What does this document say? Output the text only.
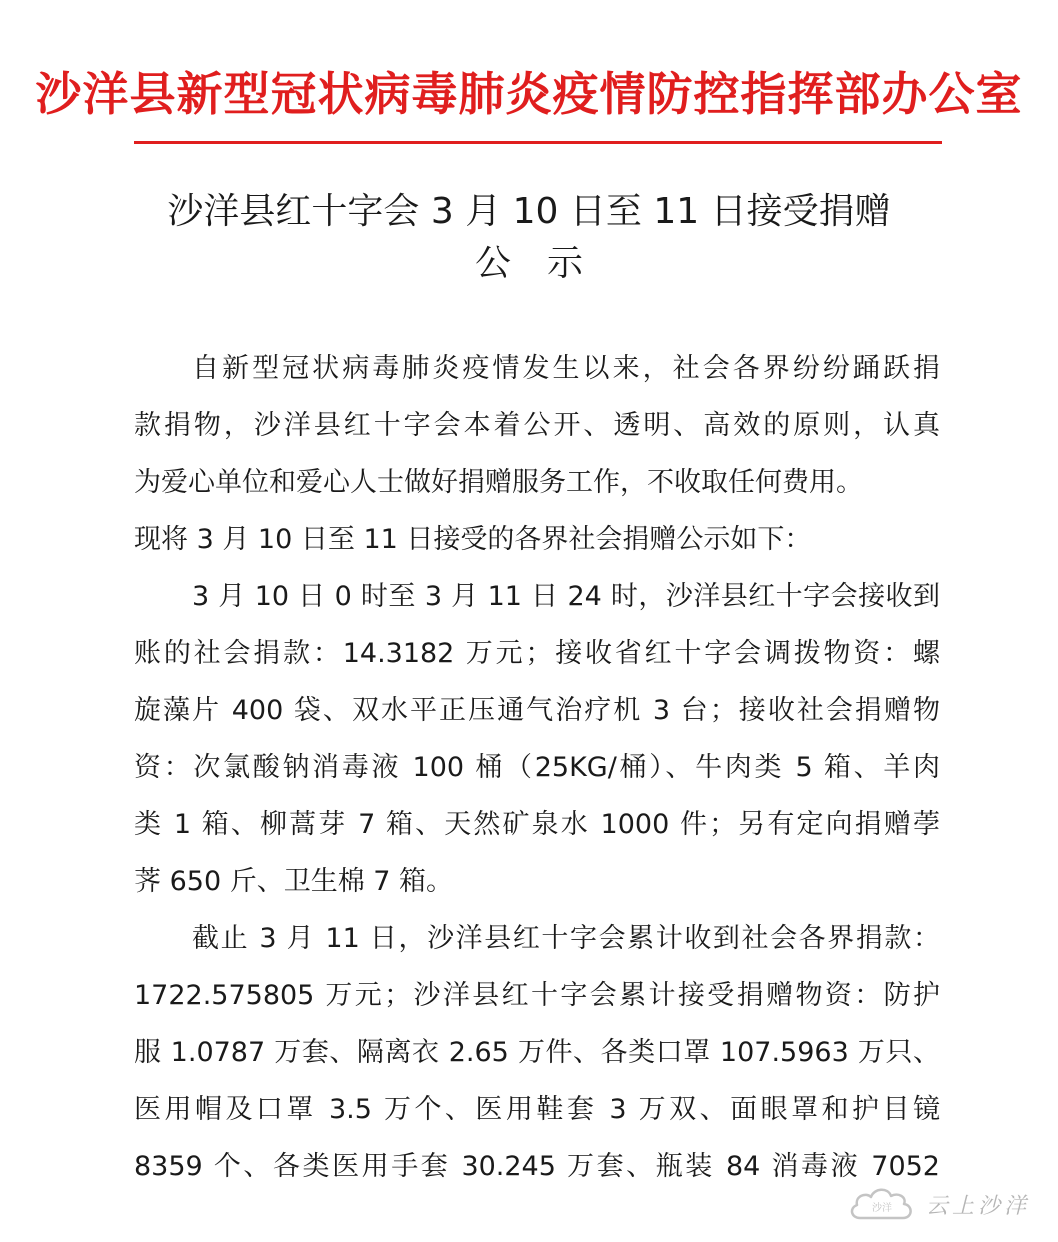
沙洋县新型冠状病毒肺炎疫情防控指挥部办公室
沙洋县红十字会 3 月 10 日至 11 日接受捐赠
公　示
自新型冠状病毒肺炎疫情发生以来，社会各界纷纷踊跃捐
款捐物，沙洋县红十字会本着公开、透明、高效的原则，认真
为爱心单位和爱心人士做好捐赠服务工作，不收取任何费用。
现将 3 月 10 日至 11 日接受的各界社会捐赠公示如下：
3 月 10 日 0 时至 3 月 11 日 24 时，沙洋县红十字会接收到
账的社会捐款：14.3182 万元；接收省红十字会调拨物资：螺
旋藻片 400 袋、双水平正压通气治疗机 3 台；接收社会捐赠物
资：次氯酸钠消毒液 100 桶（25KG/桶）、牛肉类 5 箱、羊肉
类 1 箱、柳蒿芽 7 箱、天然矿泉水 1000 件；另有定向捐赠荸
荠 650 斤、卫生棉 7 箱。
截止 3 月 11 日，沙洋县红十字会累计收到社会各界捐款：
1722.575805 万元；沙洋县红十字会累计接受捐赠物资：防护
服 1.0787 万套、隔离衣 2.65 万件、各类口罩 107.5963 万只、
医用帽及口罩 3.5 万个、医用鞋套 3 万双、面眼罩和护目镜
8359 个、各类医用手套 30.245 万套、瓶装 84 消毒液 7052
沙洋 云上沙洋
